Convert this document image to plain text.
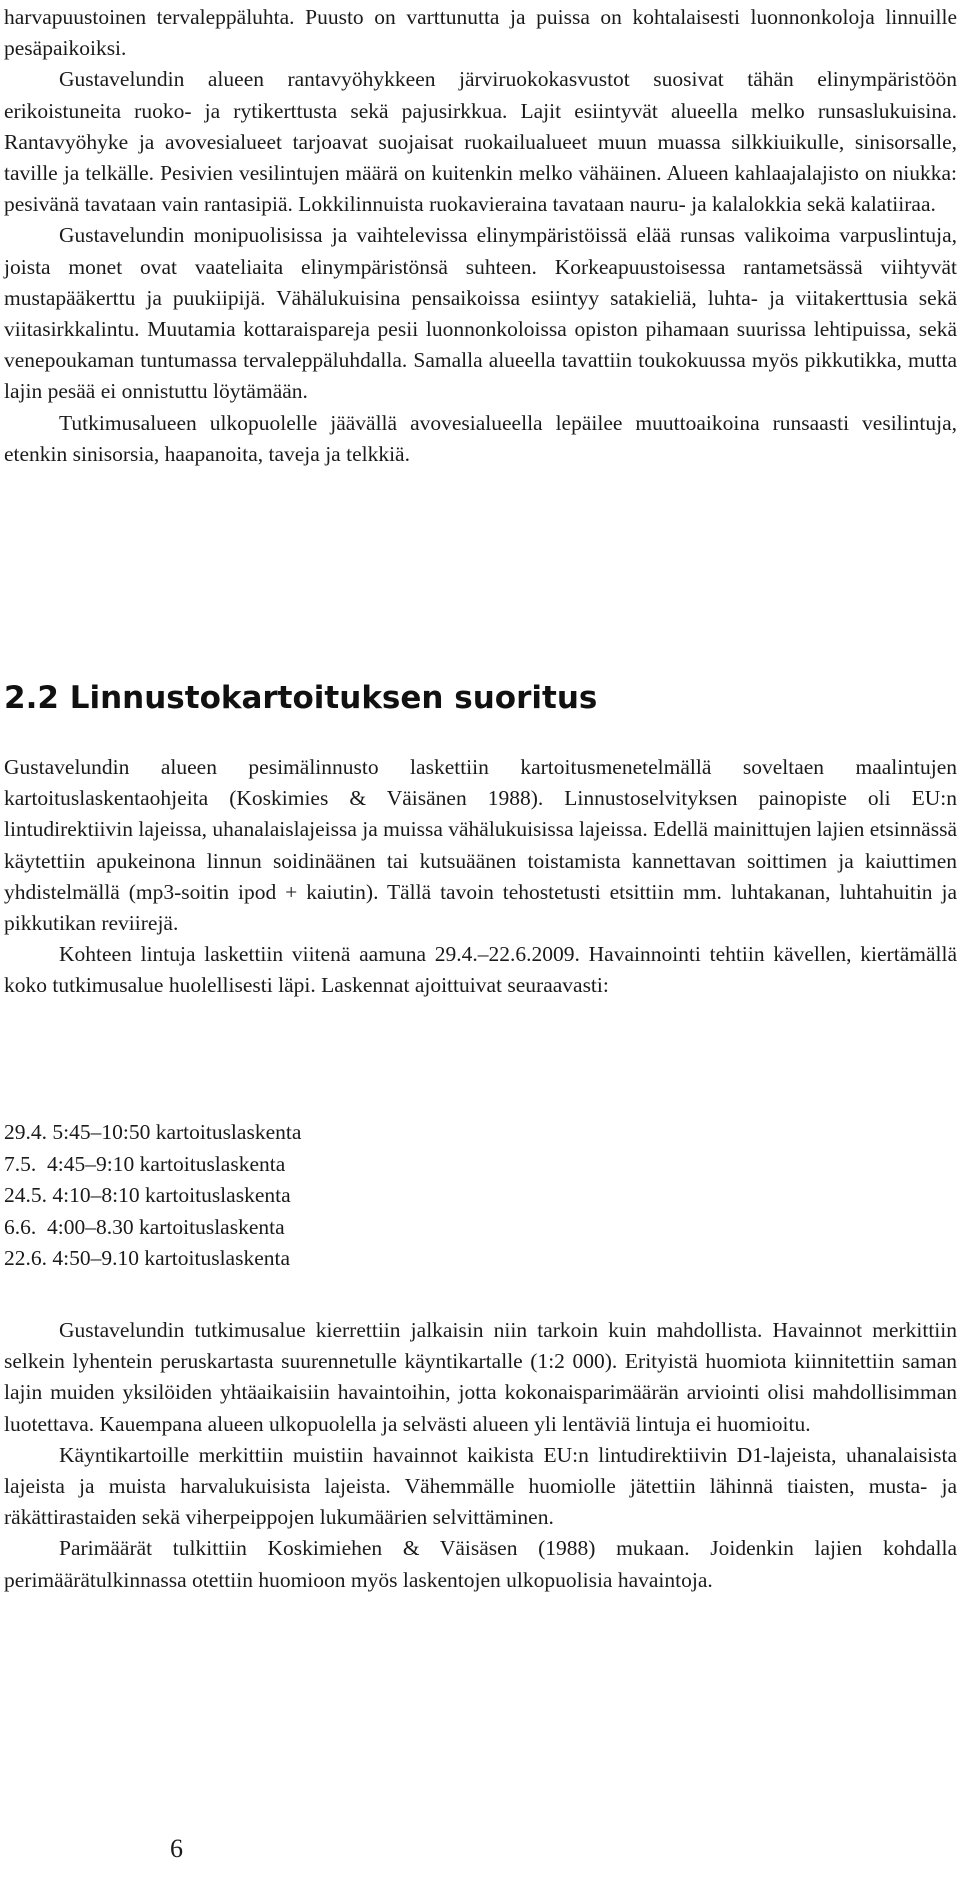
harvapuustoinen tervaleppäluhta. Puusto on varttunutta ja puissa on kohtalaisesti luonnonkoloja linnuille pesäpaikoiksi.

Gustavelundin alueen rantavyöhykkeen järviruokokasvustot suosivat tähän elinympäristöön erikoistuneita ruoko- ja rytikerttusta sekä pajusirkkua. Lajit esiintyvät alueella melko runsaslukuisina. Rantavyöhyke ja avovesialueet tarjoavat suojaisat ruokailualueet muun muassa silkkiuikulle, sinisorsalle, taville ja telkälle. Pesivien vesilintujen määrä on kuitenkin melko vähäinen. Alueen kahlaajalajisto on niukka: pesivänä tavataan vain rantasipiä. Lokkilinnuista ruokavieraina tavataan nauru- ja kalalokkia sekä kalatiiraa.

Gustavelundin monipuolisissa ja vaihtelevissa elinympäristöissä elää runsas valikoima varpuslintuja, joista monet ovat vaateliaita elinympäristönsä suhteen. Korkeapuustoisessa rantametsässä viihtyvät mustapääkerttu ja puukiipijä. Vähälukuisina pensaikoissa esiintyy satakieliä, luhta- ja viitakerttusia sekä viitasirkkalintu. Muutamia kottaraispareja pesii luonnonkoloissa opiston pihamaan suurissa lehtipuissa, sekä venepoukaman tuntumassa tervaleppäluhdalla. Samalla alueella tavattiin toukokuussa myös pikkutikka, mutta lajin pesää ei onnistuttu löytämään.

Tutkimusalueen ulkopuolelle jäävällä avovesialueella lepäilee muuttoaikoina runsaasti vesilintuja, etenkin sinisorsia, haapanoita, taveja ja telkkiä.

2.2 Linnustokartoituksen suoritus

Gustavelundin alueen pesimälinnusto laskettiin kartoitusmenetelmällä soveltaen maalintujen kartoituslaskentaohjeita (Koskimies & Väisänen 1988). Linnustoselvityksen painopiste oli EU:n lintudirektiivin lajeissa, uhanalaislajeissa ja muissa vähälukuisissa lajeissa. Edellä mainittujen lajien etsinnässä käytettiin apukeinona linnun soidinäänen tai kutsuäänen toistamista kannettavan soittimen ja kaiuttimen yhdistelmällä (mp3-soitin ipod + kaiutin). Tällä tavoin tehostetusti etsittiin mm. luhtakanan, luhtahuitin ja pikkutikan reviirejä.

Kohteen lintuja laskettiin viitenä aamuna 29.4.–22.6.2009. Havainnointi tehtiin kävellen, kiertämällä koko tutkimusalue huolellisesti läpi. Laskennat ajoittuivat seuraavasti:

29.4. 5:45–10:50 kartoituslaskenta
7.5.  4:45–9:10 kartoituslaskenta
24.5. 4:10–8:10 kartoituslaskenta
6.6.  4:00–8.30 kartoituslaskenta
22.6. 4:50–9.10 kartoituslaskenta

Gustavelundin tutkimusalue kierrettiin jalkaisin niin tarkoin kuin mahdollista. Havainnot merkittiin selkein lyhentein peruskartasta suurennetulle käyntikartalle (1:2 000). Erityistä huomiota kiinnitettiin saman lajin muiden yksilöiden yhtäaikaisiin havaintoihin, jotta kokonaisparimäärän arviointi olisi mahdollisimman luotettava. Kauempana alueen ulkopuolella ja selvästi alueen yli lentäviä lintuja ei huomioitu.

Käyntikartoille merkittiin muistiin havainnot kaikista EU:n lintudirektiivin D1-lajeista, uhanalaisista lajeista ja muista harvalukuisista lajeista. Vähemmälle huomiolle jätettiin lähinnä tiaisten, musta- ja räkättirastaiden sekä viherpeippojen lukumäärien selvittäminen.

Parimäärät tulkittiin Koskimiehen & Väisäsen (1988) mukaan. Joidenkin lajien kohdalla perimäärätulkinnassa otettiin huomioon myös laskentojen ulkopuolisia havaintoja.

6
